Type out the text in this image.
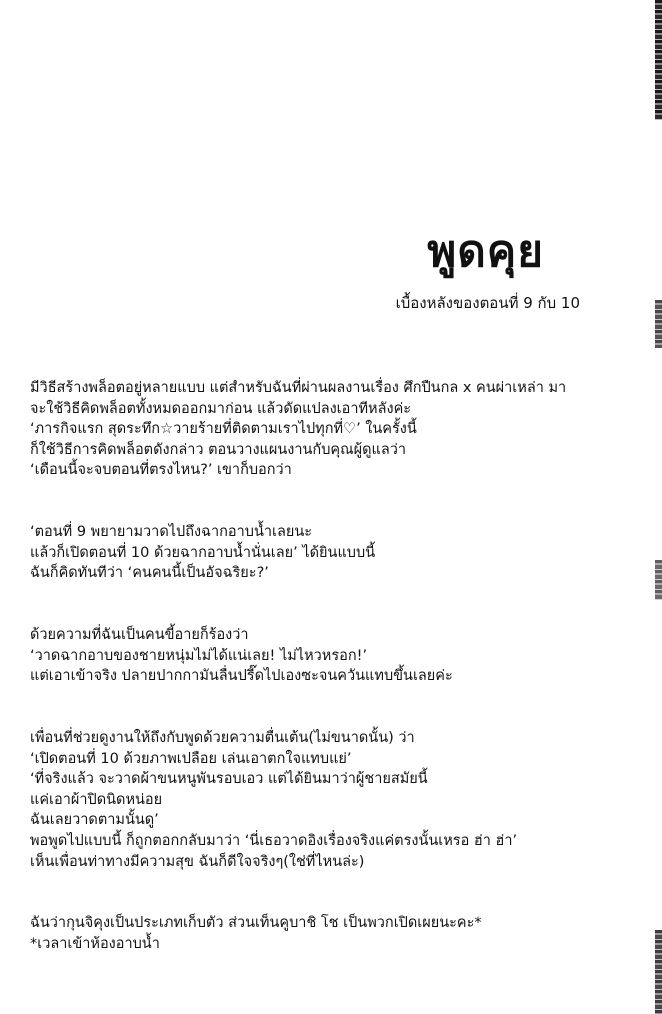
พูดคุย
เบื้องหลังของตอนที่ 9 กับ 10
มีวิธีสร้างพล็อตอยู่หลายแบบ แต่สำหรับฉันที่ผ่านผลงานเรื่อง ศึกปืนกล x คนผ่าเหล่า มา
จะใช้วิธีคิดพล็อตทั้งหมดออกมาก่อน แล้วดัดแปลงเอาทีหลังค่ะ
‘ภารกิจแรก สุดระทึก☆วายร้ายที่ติดตามเราไปทุกที่♡’ ในครั้งนี้
ก็ใช้วิธีการคิดพล็อตดังกล่าว ตอนวางแผนงานกับคุณผู้ดูแลว่า
‘เดือนนี้จะจบตอนที่ตรงไหน?’ เขาก็บอกว่า
‘ตอนที่ 9 พยายามวาดไปถึงฉากอาบน้ำเลยนะ
แล้วก็เปิดตอนที่ 10 ด้วยฉากอาบน้ำนั่นเลย’ ได้ยินแบบนี้
ฉันก็คิดทันทีว่า ‘คนคนนี้เป็นอัจฉริยะ?’
ด้วยความที่ฉันเป็นคนขี้อายก็ร้องว่า
‘วาดฉากอาบของชายหนุ่มไม่ได้แน่เลย! ไม่ไหวหรอก!’
แต่เอาเข้าจริง ปลายปากกามันลื่นปรี๊ดไปเองซะจนควันแทบขึ้นเลยค่ะ
เพื่อนที่ช่วยดูงานให้ถึงกับพูดด้วยความตื่นเต้น(ไม่ขนาดนั้น) ว่า
‘เปิดตอนที่ 10 ด้วยภาพเปลือย เล่นเอาตกใจแทบแย่’
‘ที่จริงแล้ว จะวาดผ้าขนหนูพันรอบเอว แต่ได้ยินมาว่าผู้ชายสมัยนี้
แค่เอาผ้าปิดนิดหน่อย
ฉันเลยวาดตามนั้นดู’
พอพูดไปแบบนี้ ก็ถูกตอกกลับมาว่า ‘นี่เธอวาดอิงเรื่องจริงแค่ตรงนั้นเหรอ ฮ่า ฮ่า’
เห็นเพื่อนท่าทางมีความสุข ฉันก็ดีใจจริงๆ(ใช่ที่ไหนล่ะ)
ฉันว่ากุนจิคุงเป็นประเภทเก็บตัว ส่วนเท็นคูบาชิ โช เป็นพวกเปิดเผยนะคะ*
*เวลาเข้าห้องอาบน้ำ
